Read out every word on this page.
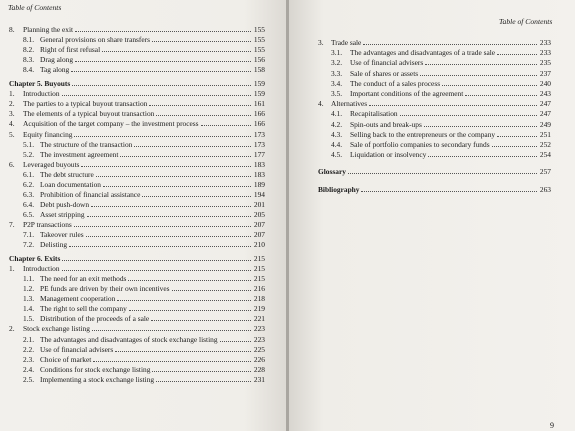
Table of Contents
8. Planning the exit	155
8.1. General provisions on share transfers	155
8.2. Right of first refusal	155
8.3. Drag along	156
8.4. Tag along	158
Chapter 5. Buyouts	159
1. Introduction	159
2. The parties to a typical buyout transaction	161
3. The elements of a typical buyout transaction	166
4. Acquisition of the target company – the investment process	166
5. Equity financing	173
5.1. The structure of the transaction	173
5.2. The investment agreement	177
6. Leveraged buyouts	183
6.1. The debt structure	183
6.2. Loan documentation	189
6.3. Prohibition of financial assistance	194
6.4. Debt push-down	201
6.5. Asset stripping	205
7. P2P transactions	207
7.1. Takeover rules	207
7.2. Delisting	210
Chapter 6. Exits	215
1. Introduction	215
1.1. The need for an exit methods	215
1.2. PE funds are driven by their own incentives	216
1.3. Management cooperation	218
1.4. The right to sell the company	219
1.5. Distribution of the proceeds of a sale	221
2. Stock exchange listing	223
2.1. The advantages and disadvantages of stock exchange listing	223
2.2. Use of financial advisers	225
2.3. Choice of market	226
2.4. Conditions for stock exchange listing	228
2.5. Implementing a stock exchange listing	231
Table of Contents
3. Trade sale	233
3.1. The advantages and disadvantages of a trade sale	233
3.2. Use of financial advisers	235
3.3. Sale of shares or assets	237
3.4. The conduct of a sales process	240
3.5. Important conditions of the agreement	243
4. Alternatives	247
4.1. Recapitalisation	247
4.2. Spin-outs and break-ups	249
4.3. Selling back to the entrepreneurs or the company	251
4.4. Sale of portfolio companies to secondary funds	252
4.5. Liquidation or insolvency	254
Glossary	257
Bibliography	263
9
